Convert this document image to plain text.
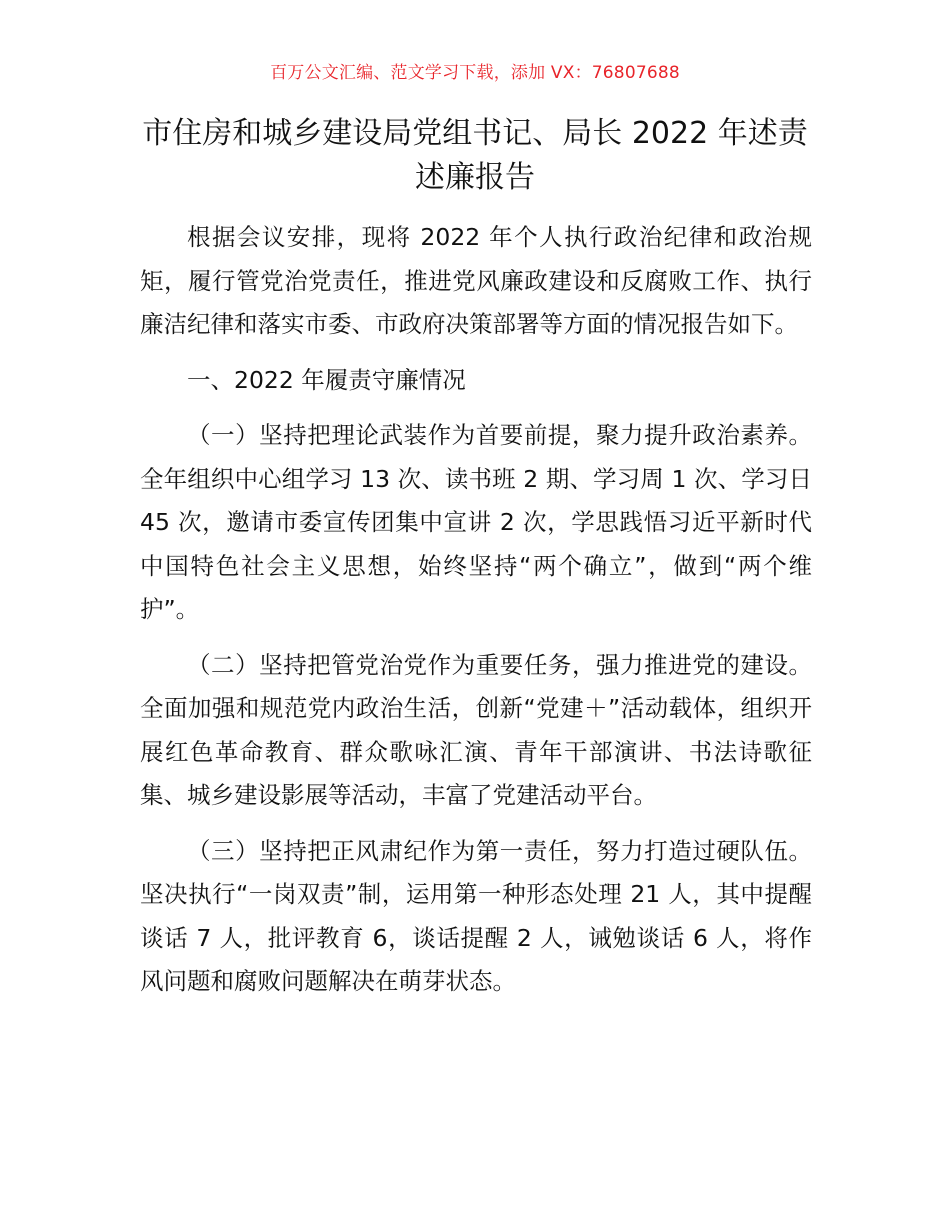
百万公文汇编、范文学习下载，添加 VX：76807688
市住房和城乡建设局党组书记、局长 2022 年述责述廉报告

根据会议安排，现将 2022 年个人执行政治纪律和政治规矩，履行管党治党责任，推进党风廉政建设和反腐败工作、执行廉洁纪律和落实市委、市政府决策部署等方面的情况报告如下。

一、2022 年履责守廉情况

（一）坚持把理论武装作为首要前提，聚力提升政治素养。全年组织中心组学习 13 次、读书班 2 期、学习周 1 次、学习日 45 次，邀请市委宣传团集中宣讲 2 次，学思践悟习近平新时代中国特色社会主义思想，始终坚持“两个确立”，做到“两个维护”。

（二）坚持把管党治党作为重要任务，强力推进党的建设。全面加强和规范党内政治生活，创新“党建＋”活动载体，组织开展红色革命教育、群众歌咏汇演、青年干部演讲、书法诗歌征集、城乡建设影展等活动，丰富了党建活动平台。

（三）坚持把正风肃纪作为第一责任，努力打造过硬队伍。坚决执行“一岗双责”制，运用第一种形态处理 21 人，其中提醒谈话 7 人，批评教育 6，谈话提醒 2 人，诫勉谈话 6 人，将作风问题和腐败问题解决在萌芽状态。
